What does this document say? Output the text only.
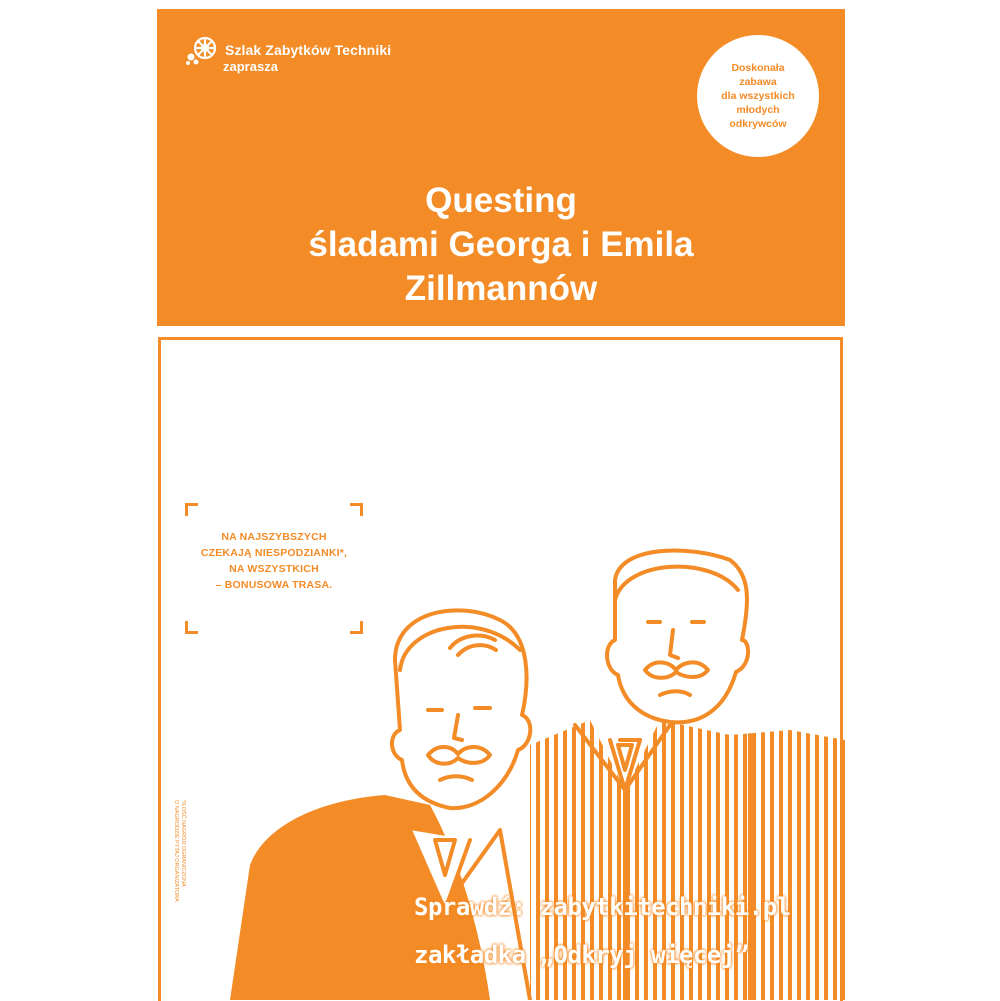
Szlak Zabytków Techniki
zaprasza	Doskonała
zabawa
dla wszystkich
młodych
odkrywców
Questing
śladami Georga i Emila
Zillmannów
NA NAJSZYBSZYCH
CZEKAJĄ NIESPODZIANKI*,
NA WSZYSTKICH
– BONUSOWA TRASA.
*ILOŚĆ NAGRÓD OGRANICZONA
O NAGRODZIE PYTAJ ORGANIZATORA
Sprawdź: zabytkitechniki.pl
zakładka „Odkryj więcej”
